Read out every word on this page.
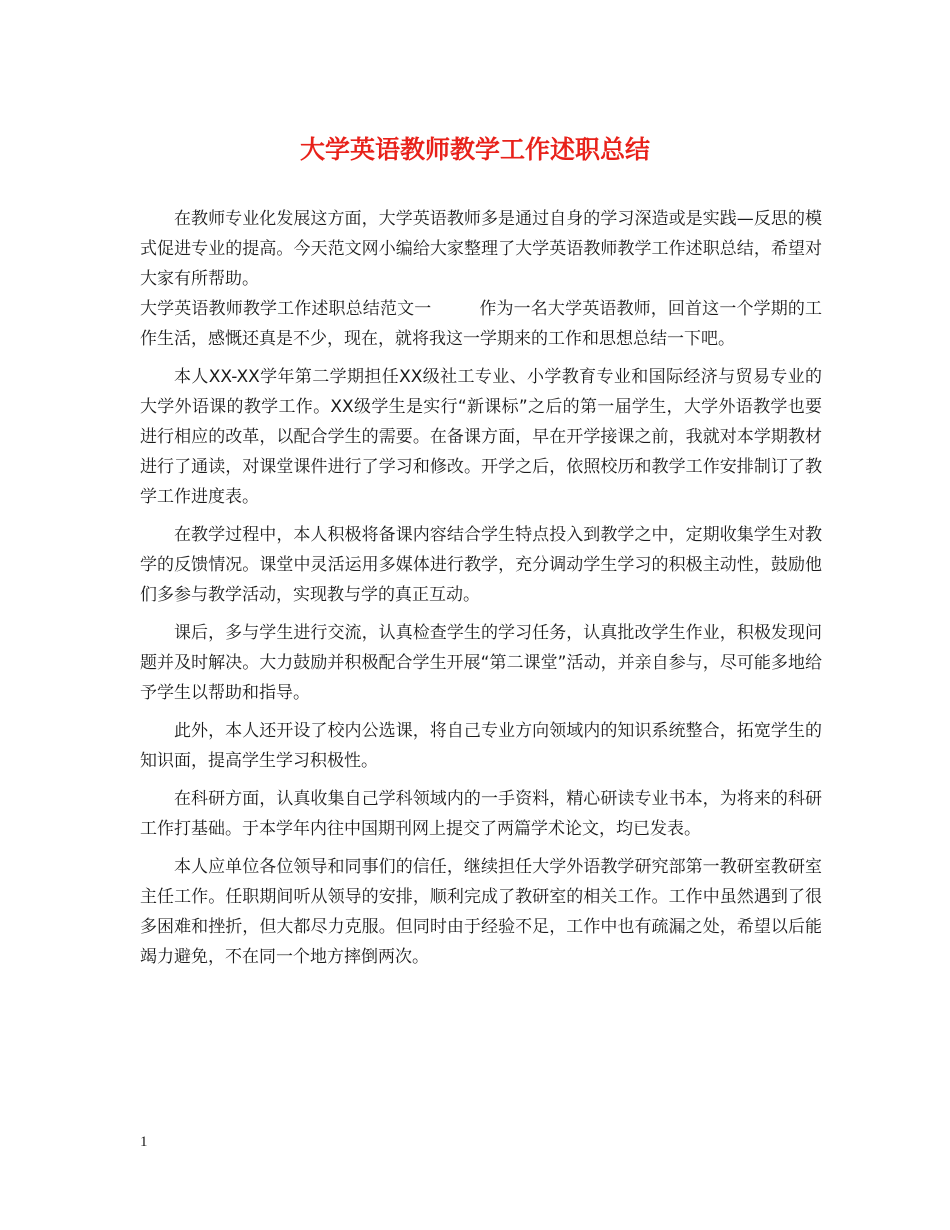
大学英语教师教学工作述职总结

在教师专业化发展这方面，大学英语教师多是通过自身的学习深造或是实践—反思的模式促进专业的提高。今天范文网小编给大家整理了大学英语教师教学工作述职总结，希望对大家有所帮助。

大学英语教师教学工作述职总结范文一	作为一名大学英语教师，回首这一个学期的工作生活，感慨还真是不少，现在，就将我这一学期来的工作和思想总结一下吧。

本人XX-XX学年第二学期担任XX级社工专业、小学教育专业和国际经济与贸易专业的大学外语课的教学工作。XX级学生是实行“新课标”之后的第一届学生，大学外语教学也要进行相应的改革，以配合学生的需要。在备课方面，早在开学接课之前，我就对本学期教材进行了通读，对课堂课件进行了学习和修改。开学之后，依照校历和教学工作安排制订了教学工作进度表。

在教学过程中，本人积极将备课内容结合学生特点投入到教学之中，定期收集学生对教学的反馈情况。课堂中灵活运用多媒体进行教学，充分调动学生学习的积极主动性，鼓励他们多参与教学活动，实现教与学的真正互动。

课后，多与学生进行交流，认真检查学生的学习任务，认真批改学生作业，积极发现问题并及时解决。大力鼓励并积极配合学生开展“第二课堂”活动，并亲自参与，尽可能多地给予学生以帮助和指导。

此外，本人还开设了校内公选课，将自己专业方向领域内的知识系统整合，拓宽学生的知识面，提高学生学习积极性。

在科研方面，认真收集自己学科领域内的一手资料，精心研读专业书本，为将来的科研工作打基础。于本学年内往中国期刊网上提交了两篇学术论文，均已发表。

本人应单位各位领导和同事们的信任，继续担任大学外语教学研究部第一教研室教研室主任工作。任职期间听从领导的安排，顺利完成了教研室的相关工作。工作中虽然遇到了很多困难和挫折，但大都尽力克服。但同时由于经验不足，工作中也有疏漏之处，希望以后能竭力避免，不在同一个地方摔倒两次。

1
